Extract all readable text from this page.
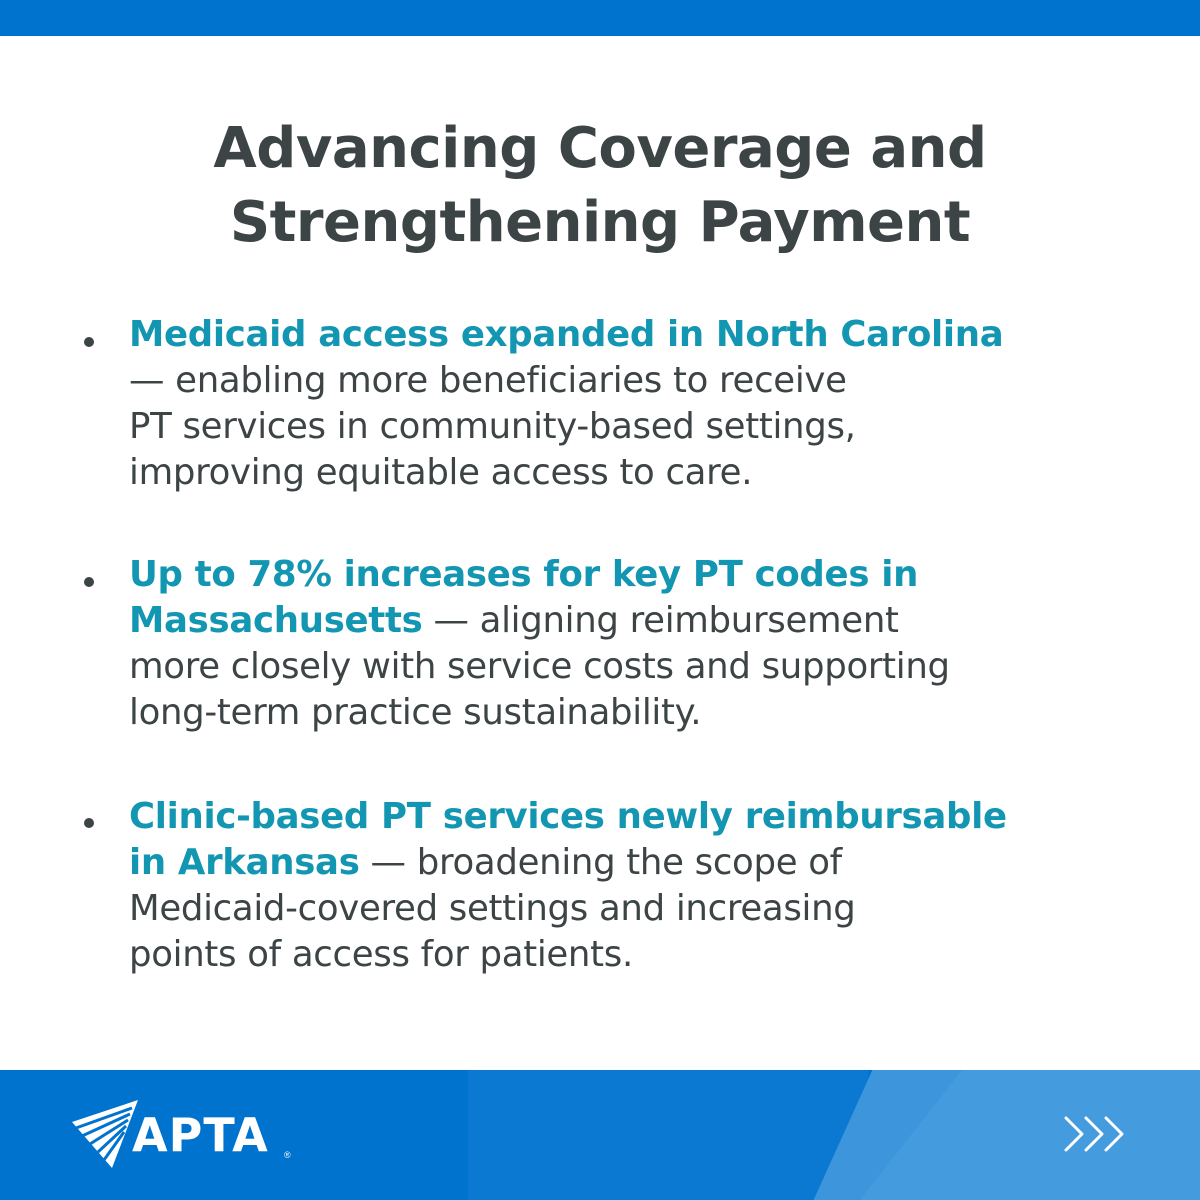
Advancing Coverage and
Strengthening Payment
Medicaid access expanded in North Carolina
— enabling more beneficiaries to receive
PT services in community-based settings,
improving equitable access to care.
Up to 78% increases for key PT codes in
Massachusetts — aligning reimbursement
more closely with service costs and supporting
long-term practice sustainability.
Clinic-based PT services newly reimbursable
in Arkansas — broadening the scope of
Medicaid-covered settings and increasing
points of access for patients.
APTA ®
